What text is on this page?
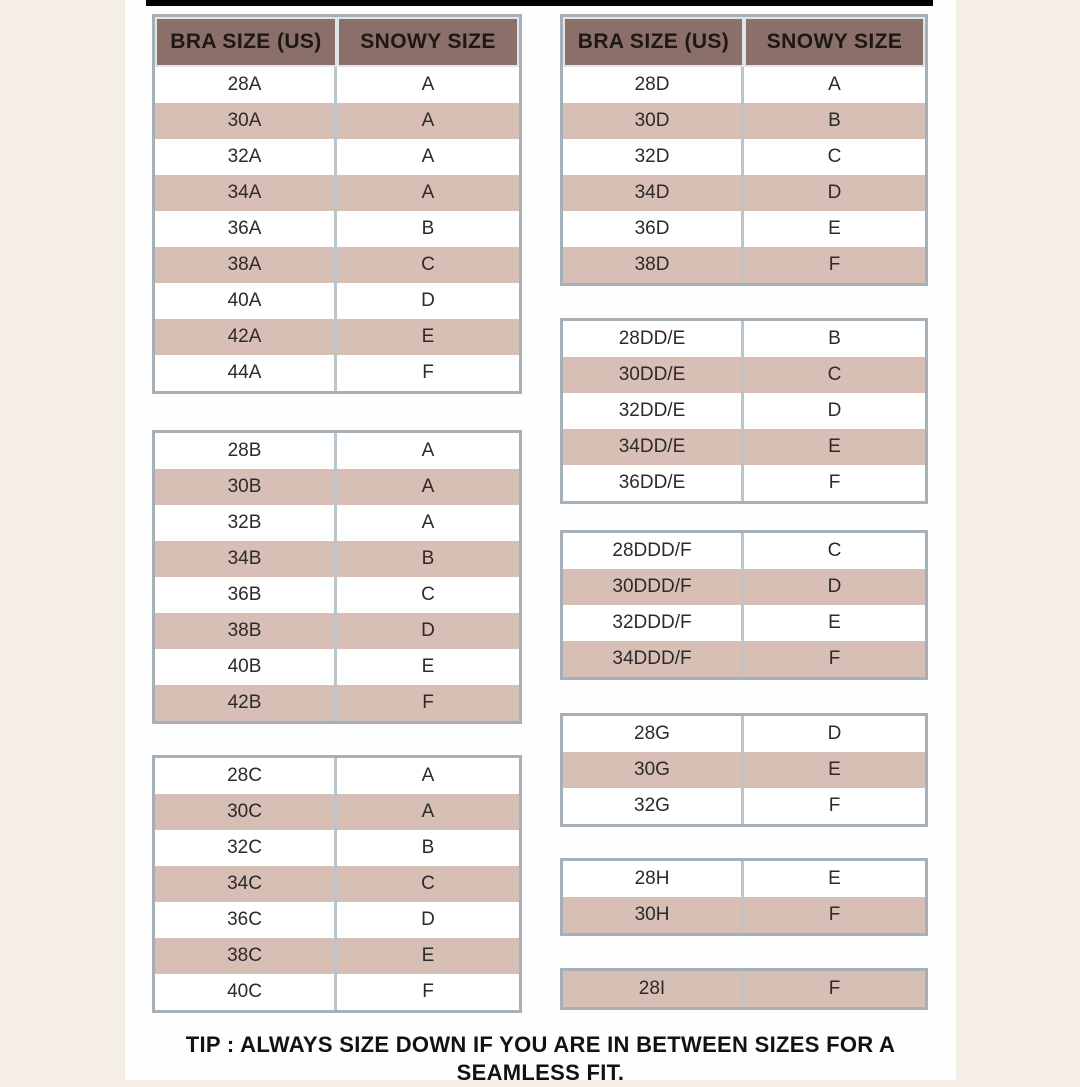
BRA SIZE (US)	SNOWY SIZE
28A	A
30A	A
32A	A
34A	A
36A	B
38A	C
40A	D
42A	E
44A	F
28B	A
30B	A
32B	A
34B	B
36B	C
38B	D
40B	E
42B	F
28C	A
30C	A
32C	B
34C	C
36C	D
38C	E
40C	F
BRA SIZE (US)	SNOWY SIZE
28D	A
30D	B
32D	C
34D	D
36D	E
38D	F
28DD/E	B
30DD/E	C
32DD/E	D
34DD/E	E
36DD/E	F
28DDD/F	C
30DDD/F	D
32DDD/F	E
34DDD/F	F
28G	D
30G	E
32G	F
28H	E
30H	F
28I	F
TIP : ALWAYS SIZE DOWN IF YOU ARE IN BETWEEN SIZES FOR A SEAMLESS FIT.
